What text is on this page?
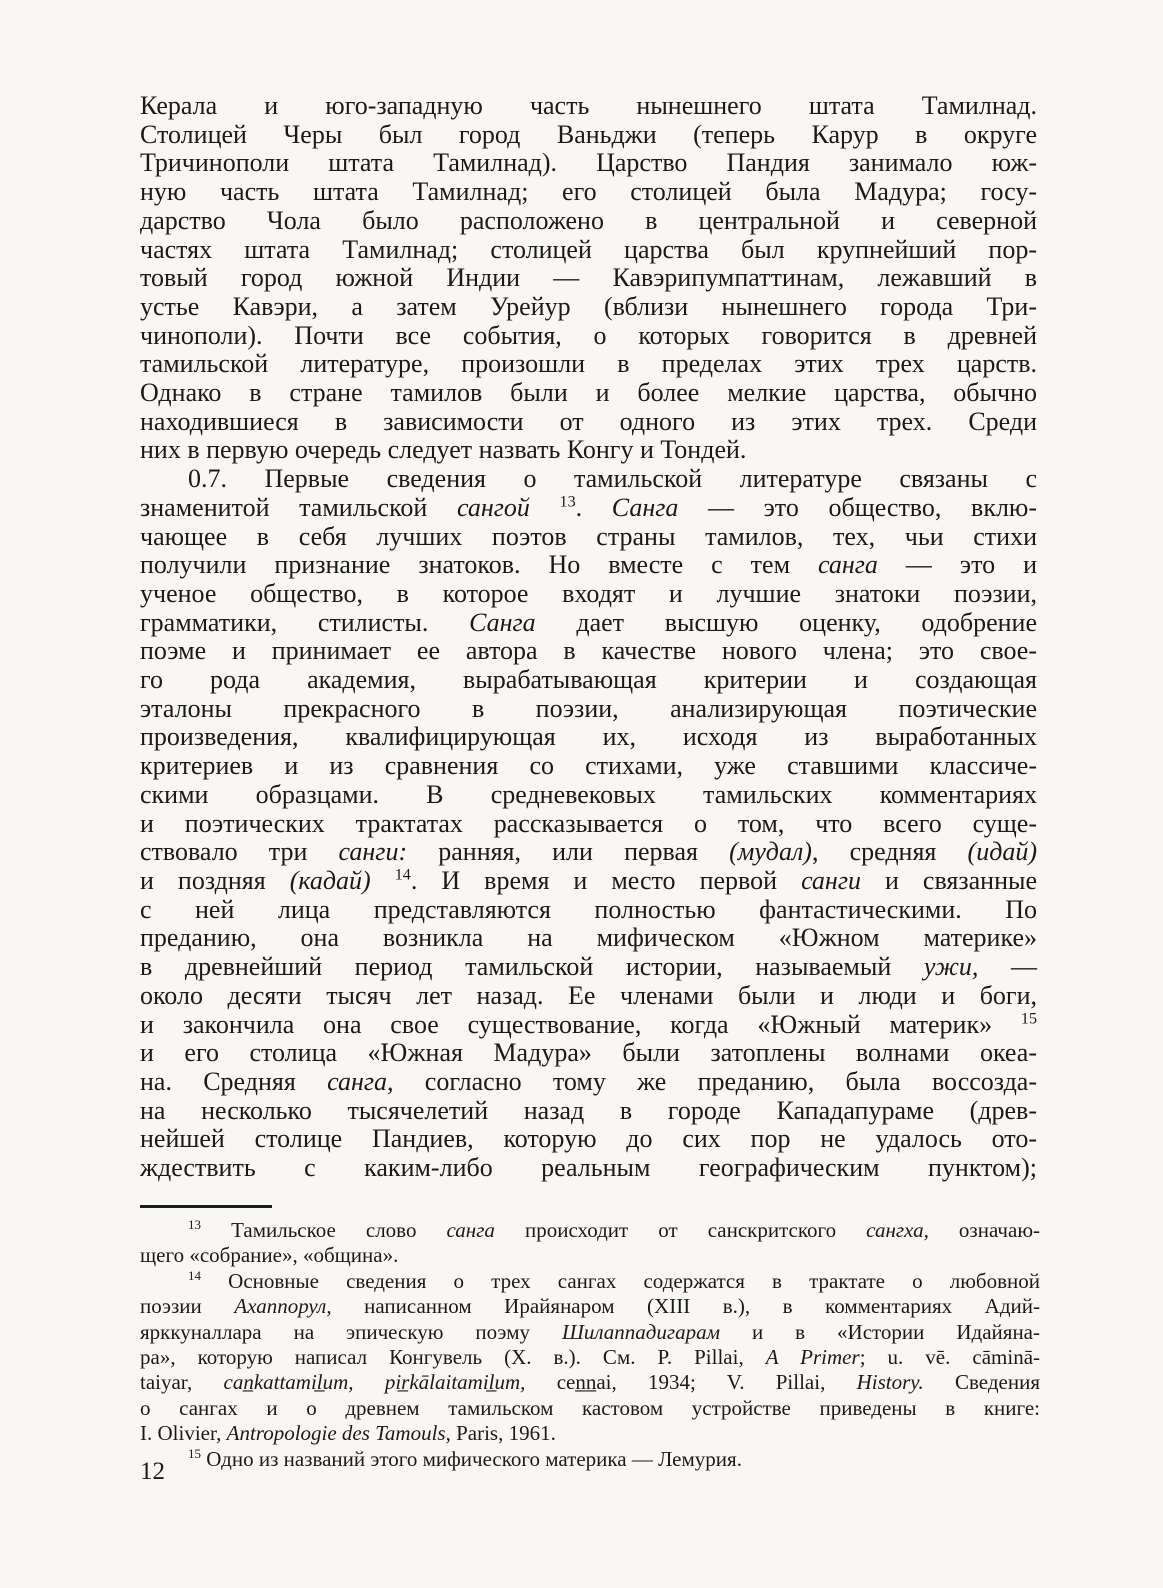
Керала и юго-западную часть нынешнего штата Тамилнад.
Столицей Черы был город Ваньджи (теперь Карур в округе
Тричинополи штата Тамилнад). Царство Пандия занимало юж-
ную часть штата Тамилнад; его столицей была Мадура; госу-
дарство Чола было расположено в центральной и северной
частях штата Тамилнад; столицей царства был крупнейший пор-
товый город южной Индии — Кавэрипумпаттинам, лежавший в
устье Кавэри, а затем Урейур (вблизи нынешнего города Три-
чинополи). Почти все события, о которых говорится в древней
тамильской литературе, произошли в пределах этих трех царств.
Однако в стране тамилов были и более мелкие царства, обычно
находившиеся в зависимости от одного из этих трех. Среди
них в первую очередь следует назвать Конгу и Тондей.
0.7. Первые сведения о тамильской литературе связаны с
знаменитой тамильской сангой $^{13}$. Санга — это общество, вклю-
чающее в себя лучших поэтов страны тамилов, тех, чьи стихи
получили признание знатоков. Но вместе с тем санга — это и
ученое общество, в которое входят и лучшие знатоки поэзии,
грамматики, стилисты. Санга дает высшую оценку, одобрение
поэме и принимает ее автора в качестве нового члена; это свое-
го рода академия, вырабатывающая критерии и создающая
эталоны прекрасного в поэзии, анализирующая поэтические
произведения, квалифицирующая их, исходя из выработанных
критериев и из сравнения со стихами, уже ставшими классиче-
скими образцами. В средневековых тамильских комментариях
и поэтических трактатах рассказывается о том, что всего суще-
ствовало три санги: ранняя, или первая (мудал), средняя (идай)
и поздняя (кадай) $^{14}$. И время и место первой санги и связанные
с ней лица представляются полностью фантастическими. По
преданию, она возникла на мифическом «Южном материке»
в древнейший период тамильской истории, называемый ужи, —
около десяти тысяч лет назад. Ее членами были и люди и боги,
и закончила она свое существование, когда «Южный материк» $^{15}$
и его столица «Южная Мадура» были затоплены волнами океа-
на. Средняя санга, согласно тому же преданию, была воссозда-
на несколько тысячелетий назад в городе Кападапураме (древ-
нейшей столице Пандиев, которую до сих пор не удалось ото-
ждествить с каким-либо реальным географическим пунктом);
$^{13}$ Тамильское слово санга происходит от санскритского сангха, означаю-
щего «собрание», «община».
$^{14}$ Основные сведения о трех сангах содержатся в трактате о любовной
поэзии Ахаппорул, написанном Ирайянаром (XIII в.), в комментариях Адий-
ярккуналлара на эпическую поэму Шилаппадигарам и в «Истории Идайяна-
ра», которую написал Конгувель (X. в.). См. P. Pillai, A Primer; u. vē. cāminā-
taiyar, can̲kattamil̲um, pir̲kālaitamil̲um, cen̲n̲ai, 1934; V. Pillai, History. Сведения
о сангах и о древнем тамильском кастовом устройстве приведены в книге:
I. Olivier, Antropologie des Tamouls, Paris, 1961.
$^{15}$ Одно из названий этого мифического материка — Лемурия.
12
